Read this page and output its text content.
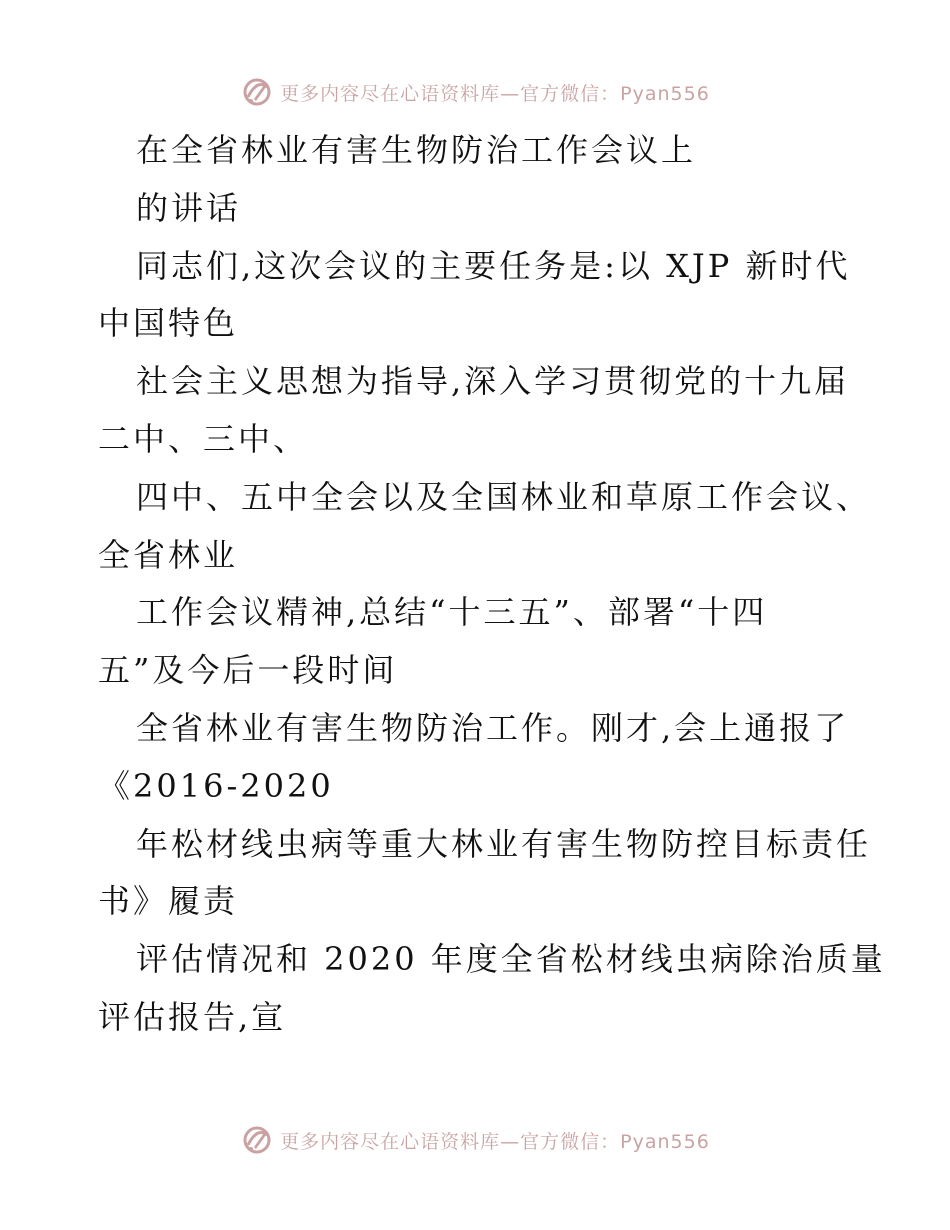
更多内容尽在心语资料库—官方微信：Pyan556
在全省林业有害生物防治工作会议上
的讲话
同志们,这次会议的主要任务是:以 XJP 新时代
中国特色
社会主义思想为指导,深入学习贯彻党的十九届
二中、三中、
四中、五中全会以及全国林业和草原工作会议、
全省林业
工作会议精神,总结“十三五”、部署“十四
五”及今后一段时间
全省林业有害生物防治工作。刚才,会上通报了
《2016-2020
年松材线虫病等重大林业有害生物防控目标责任
书》履责
评估情况和 2020 年度全省松材线虫病除治质量
评估报告,宣
更多内容尽在心语资料库—官方微信：Pyan556
